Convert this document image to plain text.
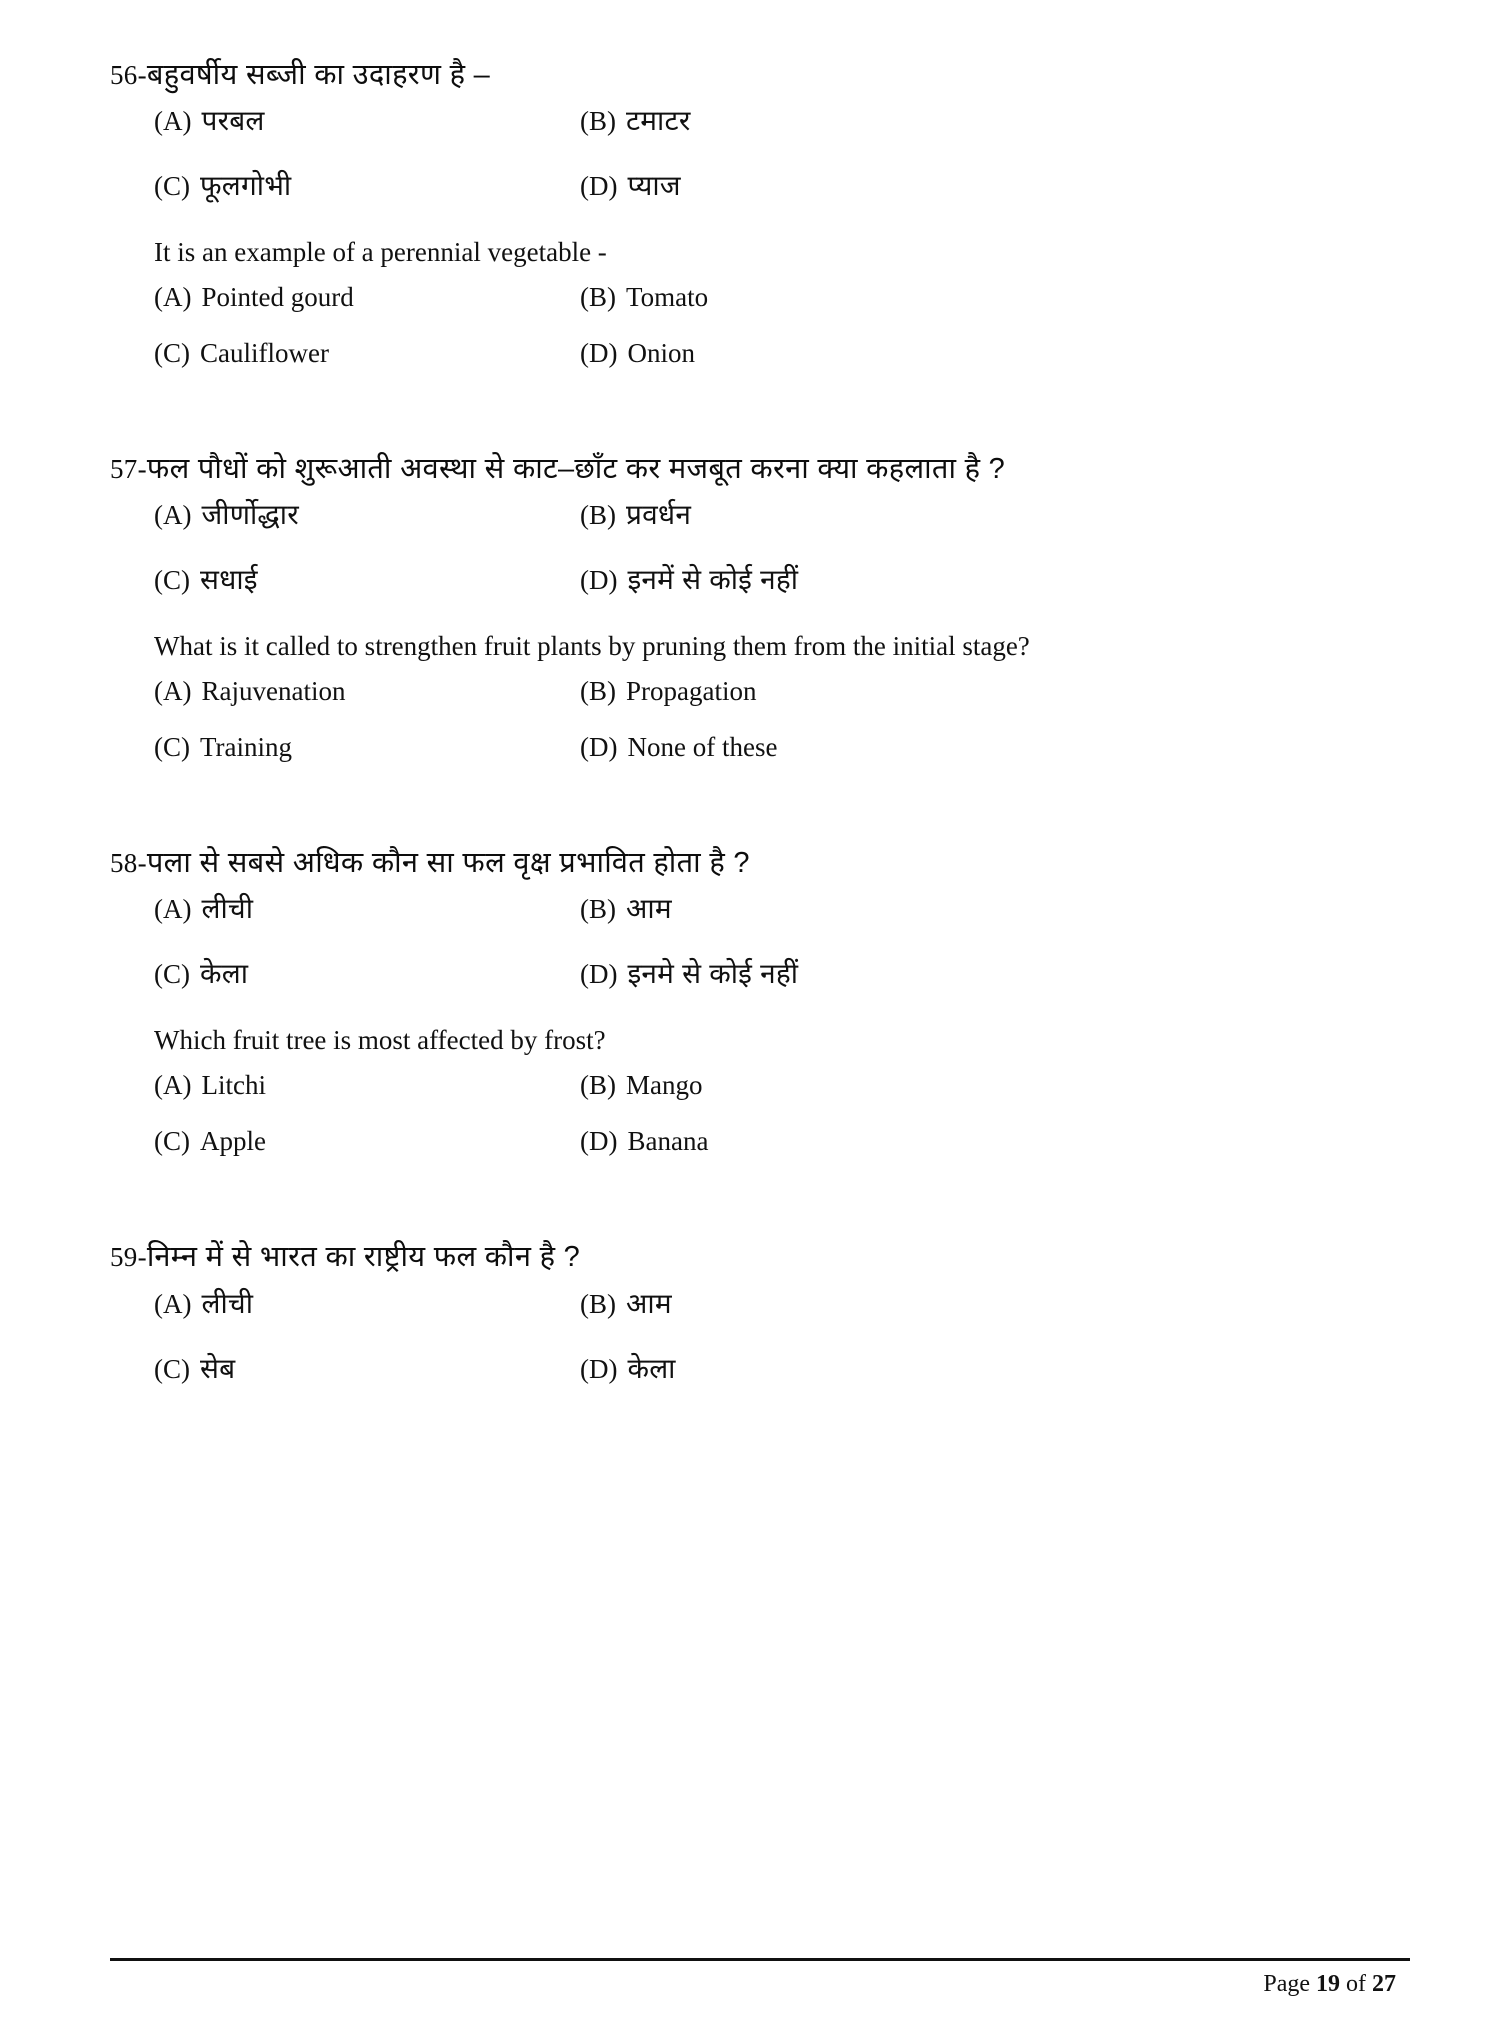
56-बहुवर्षीय सब्जी का उदाहरण है –

(A) परबल	(B) टमाटर
(C) फूलगोभी	(D) प्याज

It is an example of a perennial vegetable -

(A) Pointed gourd	(B) Tomato
(C) Cauliflower	(D) Onion

57-फल पौधों को शुरूआती अवस्था से काट–छाँट कर मजबूत करना क्या कहलाता है ?

(A) जीर्णोद्धार	(B) प्रवर्धन
(C) सधाई	(D) इनमें से कोई नहीं

What is it called to strengthen fruit plants by pruning them from the initial stage?

(A) Rajuvenation	(B) Propagation
(C) Training	(D) None of these

58-पला से सबसे अधिक कौन सा फल वृक्ष प्रभावित होता है ?

(A) लीची	(B) आम
(C) केला	(D) इनमे से कोई नहीं

Which fruit tree is most affected by frost?

(A) Litchi	(B) Mango
(C) Apple	(D) Banana

59-निम्न में से भारत का राष्ट्रीय फल कौन है ?

(A) लीची	(B) आम
(C) सेब	(D) केला
Page 19 of 27
